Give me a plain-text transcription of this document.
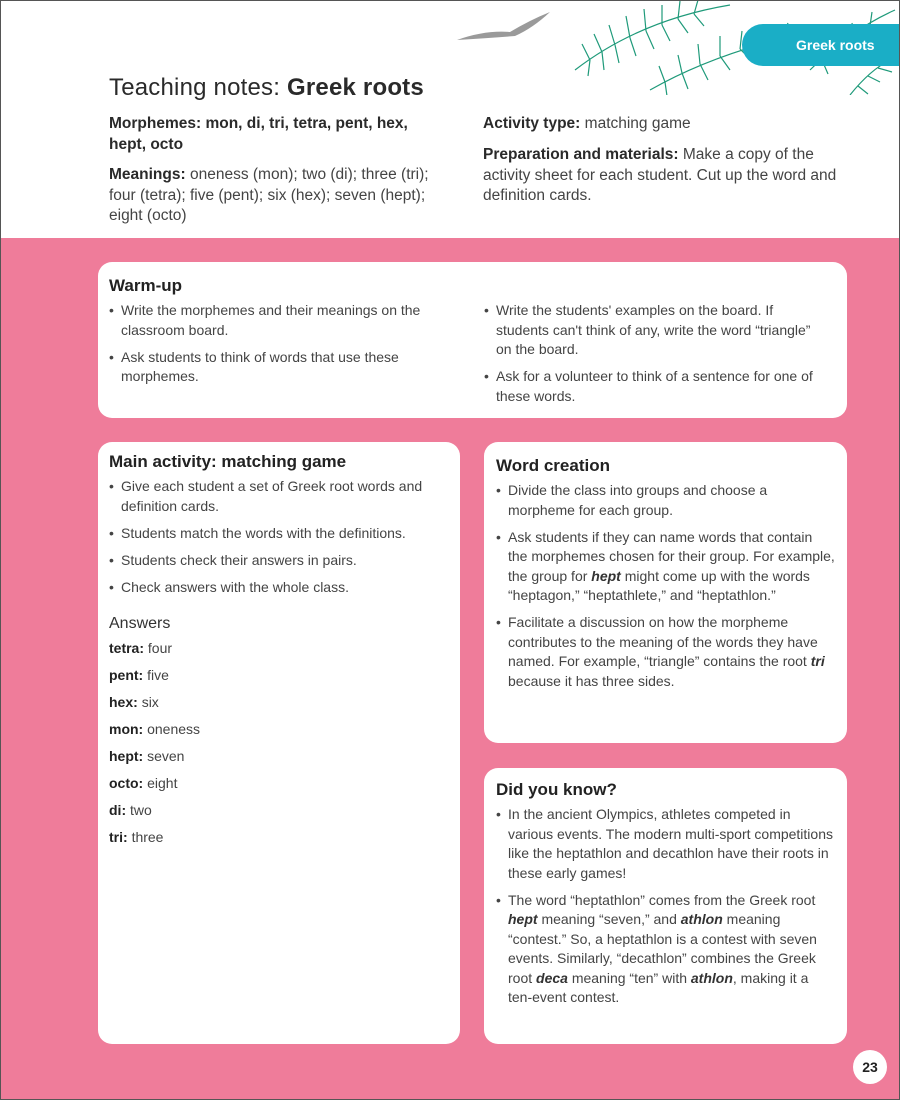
Greek roots
Teaching notes: Greek roots
Morphemes: mon, di, tri, tetra, pent, hex, hept, octo
Meanings: oneness (mon); two (di); three (tri); four (tetra); five (pent); six (hex); seven (hept); eight (octo)
Activity type: matching game
Preparation and materials: Make a copy of the activity sheet for each student. Cut up the word and definition cards.
Warm-up
• Write the morphemes and their meanings on the classroom board.
• Ask students to think of words that use these morphemes.
• Write the students' examples on the board. If students can't think of any, write the word “triangle” on the board.
• Ask for a volunteer to think of a sentence for one of these words.
Main activity: matching game
• Give each student a set of Greek root words and definition cards.
• Students match the words with the definitions.
• Students check their answers in pairs.
• Check answers with the whole class.
Answers
tetra: four
pent: five
hex: six
mon: oneness
hept: seven
octo: eight
di: two
tri: three
Word creation
• Divide the class into groups and choose a morpheme for each group.
• Ask students if they can name words that contain the morphemes chosen for their group. For example, the group for hept might come up with the words “heptagon,” “heptathlete,” and “heptathlon.”
• Facilitate a discussion on how the morpheme contributes to the meaning of the words they have named. For example, “triangle” contains the root tri because it has three sides.
Did you know?
• In the ancient Olympics, athletes competed in various events. The modern multi-sport competitions like the heptathlon and decathlon have their roots in these early games!
• The word “heptathlon” comes from the Greek root hept meaning “seven,” and athlon meaning “contest.” So, a heptathlon is a contest with seven events. Similarly, “decathlon” combines the Greek root deca meaning “ten” with athlon, making it a ten-event contest.
23
